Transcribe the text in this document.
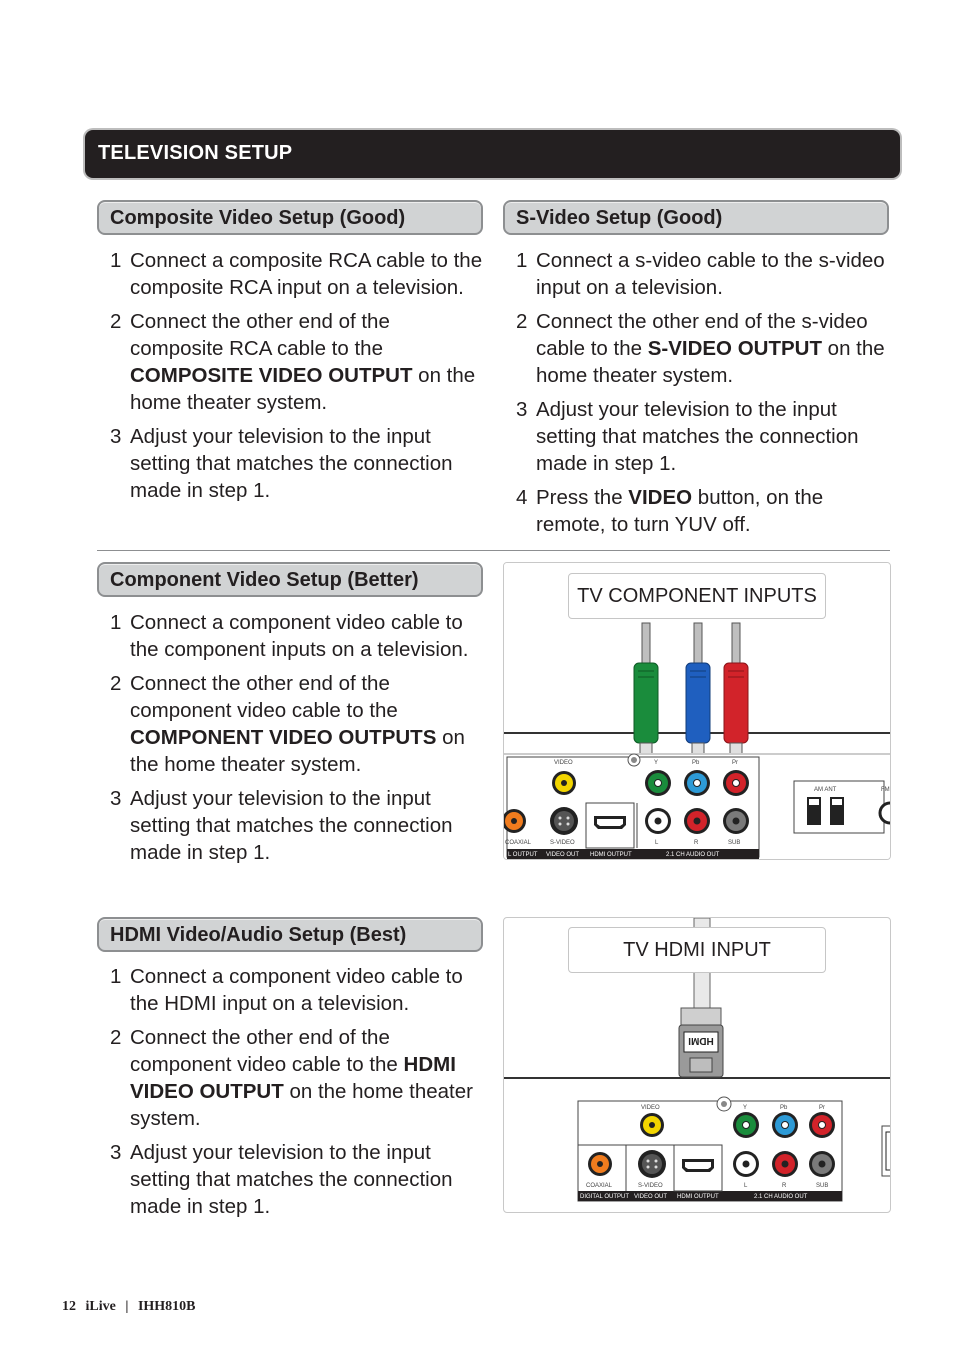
TELEVISION SETUP
Composite Video Setup (Good)
1 Connect a composite RCA cable to the composite RCA input on a television.
2 Connect the other end of the composite RCA cable to the COMPOSITE VIDEO OUTPUT on the home theater system.
3 Adjust your television to the input setting that matches the connection made in step 1.
S-Video Setup (Good)
1 Connect a s-video cable to the s-video input on a television.
2 Connect the other end of the s-video cable to the S-VIDEO OUTPUT on the home theater system.
3 Adjust your television to the input setting that matches the connection made in step 1.
4 Press the VIDEO button, on the remote, to turn YUV off.
Component Video Setup (Better)
1 Connect a component video cable to the component inputs on a television.
2 Connect the other end of the component video cable to the COMPONENT VIDEO OUTPUTS on the home theater system.
3 Adjust your television to the input setting that matches the connection made in step 1.
HDMI Video/Audio Setup (Best)
1 Connect a component video cable to the HDMI input on a television.
2 Connect the other end of the component video cable to the HDMI VIDEO OUTPUT on the home theater system.
3 Adjust your television to the input setting that matches the connection made in step 1.
L OUTPUT VIDEO OUT HDMI OUTPUT	2.1 CH AUDIO OUT
VIDEO	Y	Pb	Pr
COAXIAL	S-VIDEO	L	R	SUB
AM ANT	FM
TV COMPONENT INPUTS
HDMI
DIGITAL OUTPUT VIDEO OUT HDMI OUTPUT	2.1 CH AUDIO OUT
VIDEO	Y	Pb	Pr
COAXIAL	S-VIDEO	L	R	SUB
TV HDMI INPUT
12 iLive | IHH810B
